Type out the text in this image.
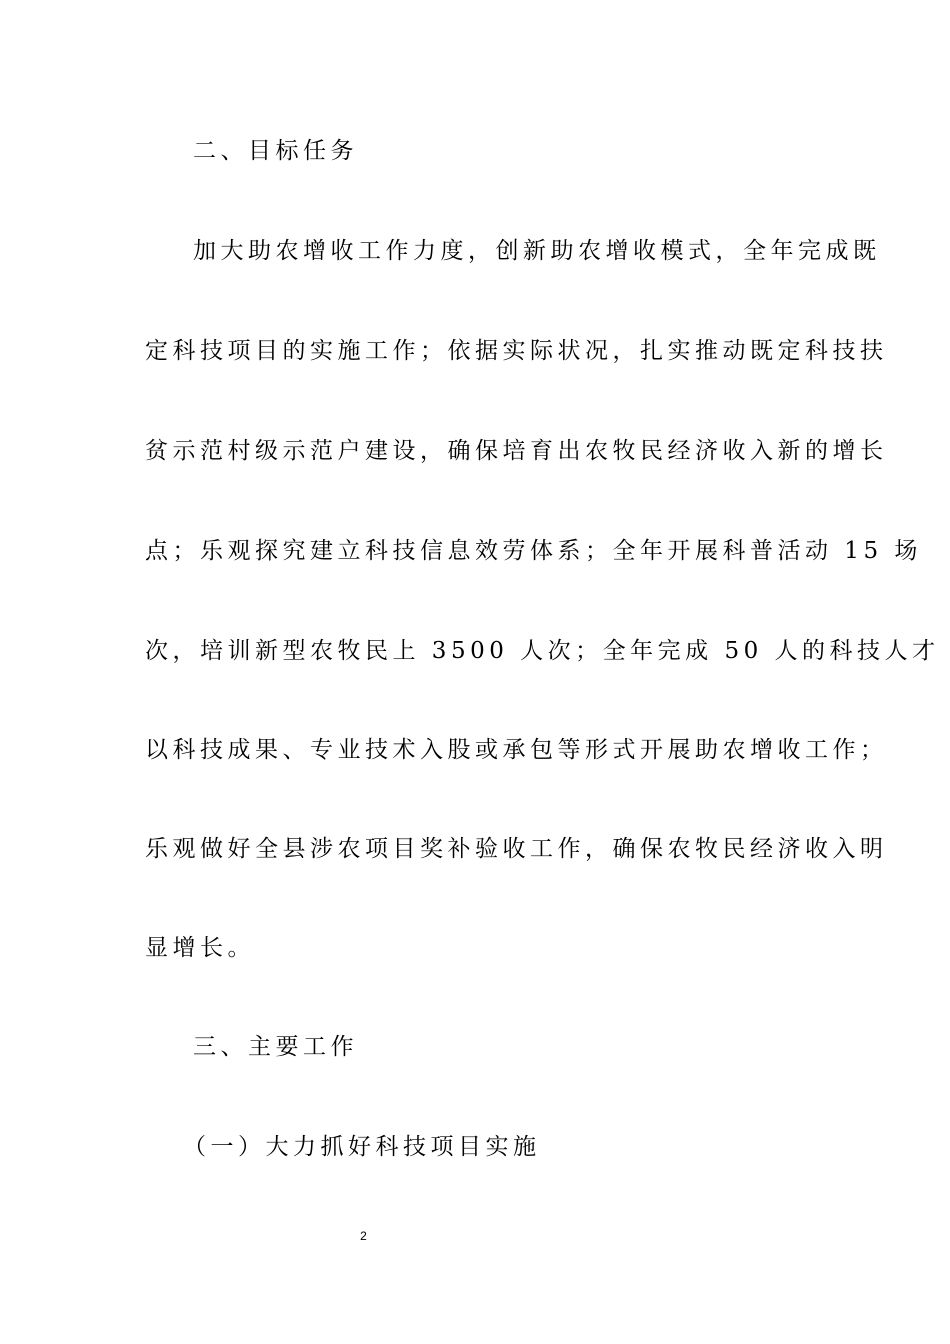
二、目标任务
加大助农增收工作力度，创新助农增收模式，全年完成既
定科技项目的实施工作；依据实际状况，扎实推动既定科技扶
贫示范村级示范户建设，确保培育出农牧民经济收入新的增长
点；乐观探究建立科技信息效劳体系；全年开展科普活动 15 场
次，培训新型农牧民上 3500 人次；全年完成 50 人的科技人才
以科技成果、专业技术入股或承包等形式开展助农增收工作；
乐观做好全县涉农项目奖补验收工作，确保农牧民经济收入明
显增长。
三、主要工作
（一）大力抓好科技项目实施
2
